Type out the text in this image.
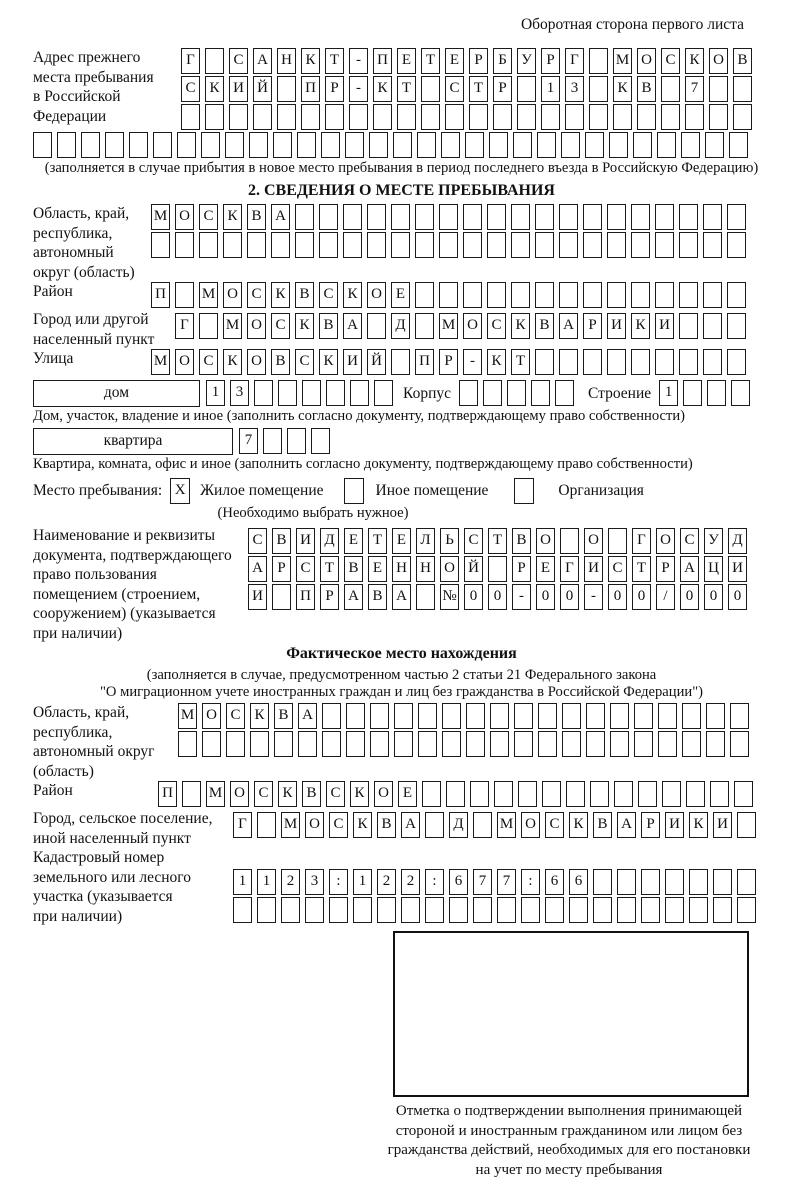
Оборотная сторона первого листа
Адрес прежнего
места пребывания
в Российской
Федерации
Г	С А Н К Т	-	П Е Т Е	Р	Б У Р	Г	М О С К О В
С К И Й П Р	-	К Т	С Т	Р	1	3	К В	7
(заполняется в случае прибытия в новое место пребывания в период последнего въезда в Российскую Федерацию)
2. СВЕДЕНИЯ О МЕСТЕ ПРЕБЫВАНИЯ
Область, край,
республика,
автономный
округ (область)
М О С К В А
Район	П М О С К В С К О Е
Город или другой
населенный пункт
Г	М О С К В А Д М О С К В А Р И К И
Улица	М О С К О В С К И Й П Р	-	К Т
дом	1	3	Корпус	Строение 1
Дом, участок, владение и иное (заполнить согласно документу, подтверждающему право собственности)
квартира	7
Квартира, комната, офис и иное (заполнить согласно документу, подтверждающему право собственности)
Место пребывания: X Жилое помещение	Иное помещение	Организация
(Необходимо выбрать нужное)
Наименование и реквизиты
документа, подтверждающего
право пользования
помещением (строением,
сооружением) (указывается
при наличии)
С В И Д Е Т Е Л Ь С Т В О О	Г О С У Д
А Р С Т В Е Н Н О Й	Р	Е	Г И С Т	Р А Ц И
И П Р А В А № 0	0	-	0	0	-	0	0	/	0	0	0
Фактическое место нахождения
(заполняется в случае, предусмотренном частью 2 статьи 21 Федерального закона
"О миграционном учете иностранных граждан и лиц без гражданства в Российской Федерации")
Область, край,
республика,
автономный округ
(область)
М О С К В А
Район	П М О С К В С К О Е
Город, сельское поселение,
иной населенный пункт
Г	М О С К В А Д М О С К В А Р И К И
Кадастровый номер
земельного или лесного
участка (указывается
при наличии)
1	1	2	3	:	1	2	2	:	6	7	7	:	6	6
Отметка о подтверждении выполнения принимающей
стороной и иностранным гражданином или лицом без
гражданства действий, необходимых для его постановки
на учет по месту пребывания
